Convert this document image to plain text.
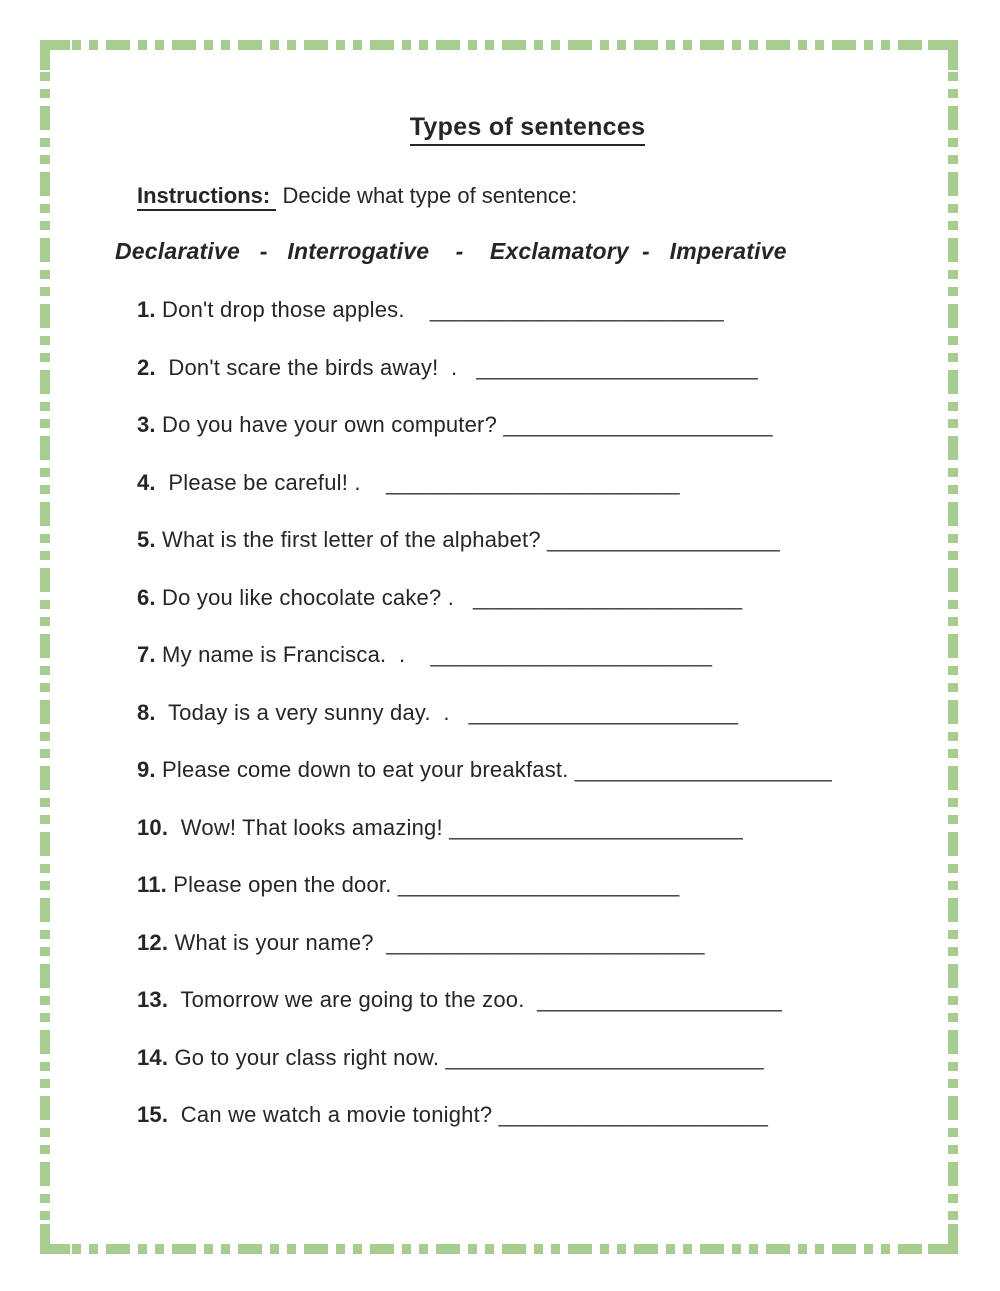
Types of sentences

Instructions:  Decide what type of sentence:

Declarative   -   Interrogative    -    Exclamatory  -   Imperative

1. Don't drop those apples.    ________________________
2.  Don't scare the birds away!  .   _______________________
3. Do you have your own computer? ______________________
4.  Please be careful! .    ________________________
5. What is the first letter of the alphabet? ___________________
6. Do you like chocolate cake? .   ______________________
7. My name is Francisca.  .    _______________________
8.  Today is a very sunny day.  .   ______________________
9. Please come down to eat your breakfast. _____________________
10.  Wow! That looks amazing! ________________________
11. Please open the door. _______________________
12. What is your name?  __________________________
13.  Tomorrow we are going to the zoo.  ____________________
14. Go to your class right now. __________________________
15.  Can we watch a movie tonight? ______________________
